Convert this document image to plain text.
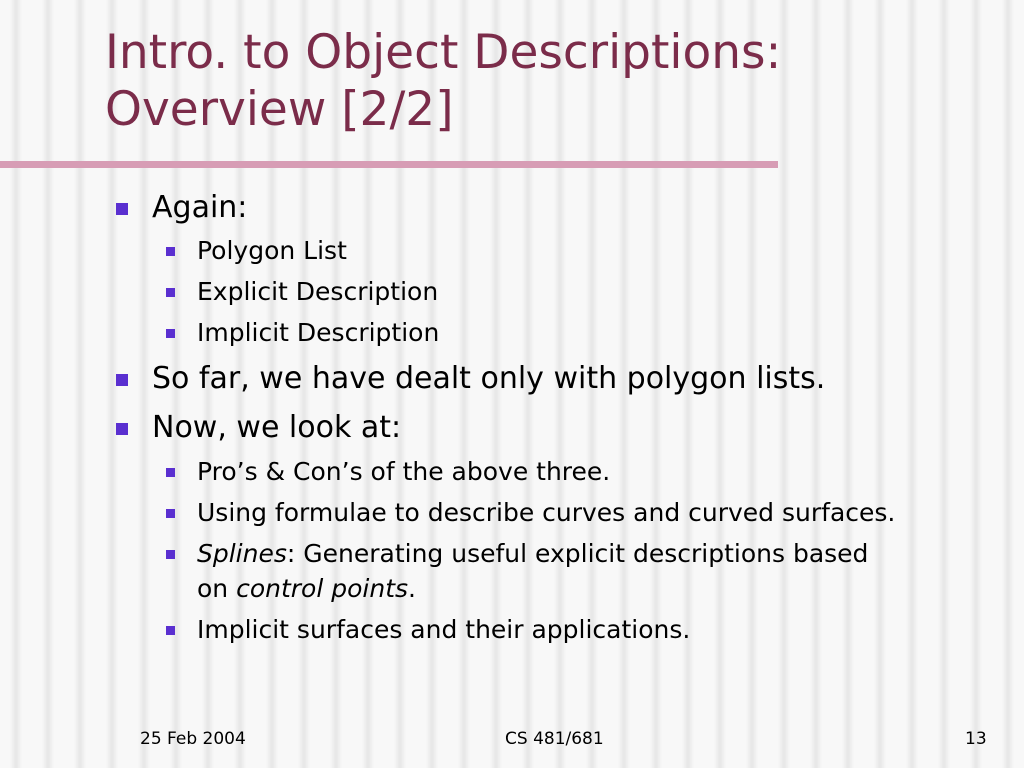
Intro. to Object Descriptions:
Overview [2/2]
Again:
Polygon List
Explicit Description
Implicit Description
So far, we have dealt only with polygon lists.
Now, we look at:
Pro’s & Con’s of the above three.
Using formulae to describe curves and curved surfaces.
Splines: Generating useful explicit descriptions based
on control points.
Implicit surfaces and their applications.
25 Feb 2004	CS 481/681	13
